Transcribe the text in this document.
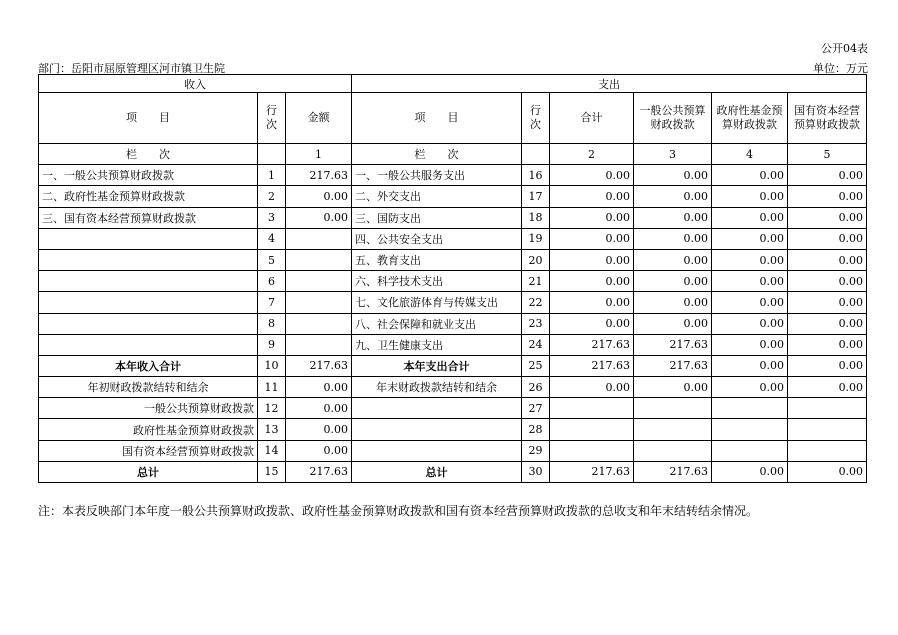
公开04表
部门：岳阳市屈原管理区河市镇卫生院	单位：万元
收入			支出					
项　　目	行次	金额	项　　目	行次	合计	一般公共预算财政拨款	政府性基金预算财政拨款	国有资本经营预算财政拨款
栏　　次		1	栏　　次		2	3	4	5
一、一般公共预算财政拨款	1	217.63	一、一般公共服务支出	16	0.00	0.00	0.00	0.00
二、政府性基金预算财政拨款	2	0.00	二、外交支出	17	0.00	0.00	0.00	0.00
三、国有资本经营预算财政拨款	3	0.00	三、国防支出	18	0.00	0.00	0.00	0.00
	4		四、公共安全支出	19	0.00	0.00	0.00	0.00
	5		五、教育支出	20	0.00	0.00	0.00	0.00
	6		六、科学技术支出	21	0.00	0.00	0.00	0.00
	7		七、文化旅游体育与传媒支出	22	0.00	0.00	0.00	0.00
	8		八、社会保障和就业支出	23	0.00	0.00	0.00	0.00
	9		九、卫生健康支出	24	217.63	217.63	0.00	0.00
本年收入合计	10	217.63	本年支出合计	25	217.63	217.63	0.00	0.00
年初财政拨款结转和结余	11	0.00	年末财政拨款结转和结余	26	0.00	0.00	0.00	0.00
一般公共预算财政拨款	12	0.00		27				
政府性基金预算财政拨款	13	0.00		28				
国有资本经营预算财政拨款	14	0.00		29				
总计	15	217.63	总计	30	217.63	217.63	0.00	0.00
注：本表反映部门本年度一般公共预算财政拨款、政府性基金预算财政拨款和国有资本经营预算财政拨款的总收支和年末结转结余情况。
